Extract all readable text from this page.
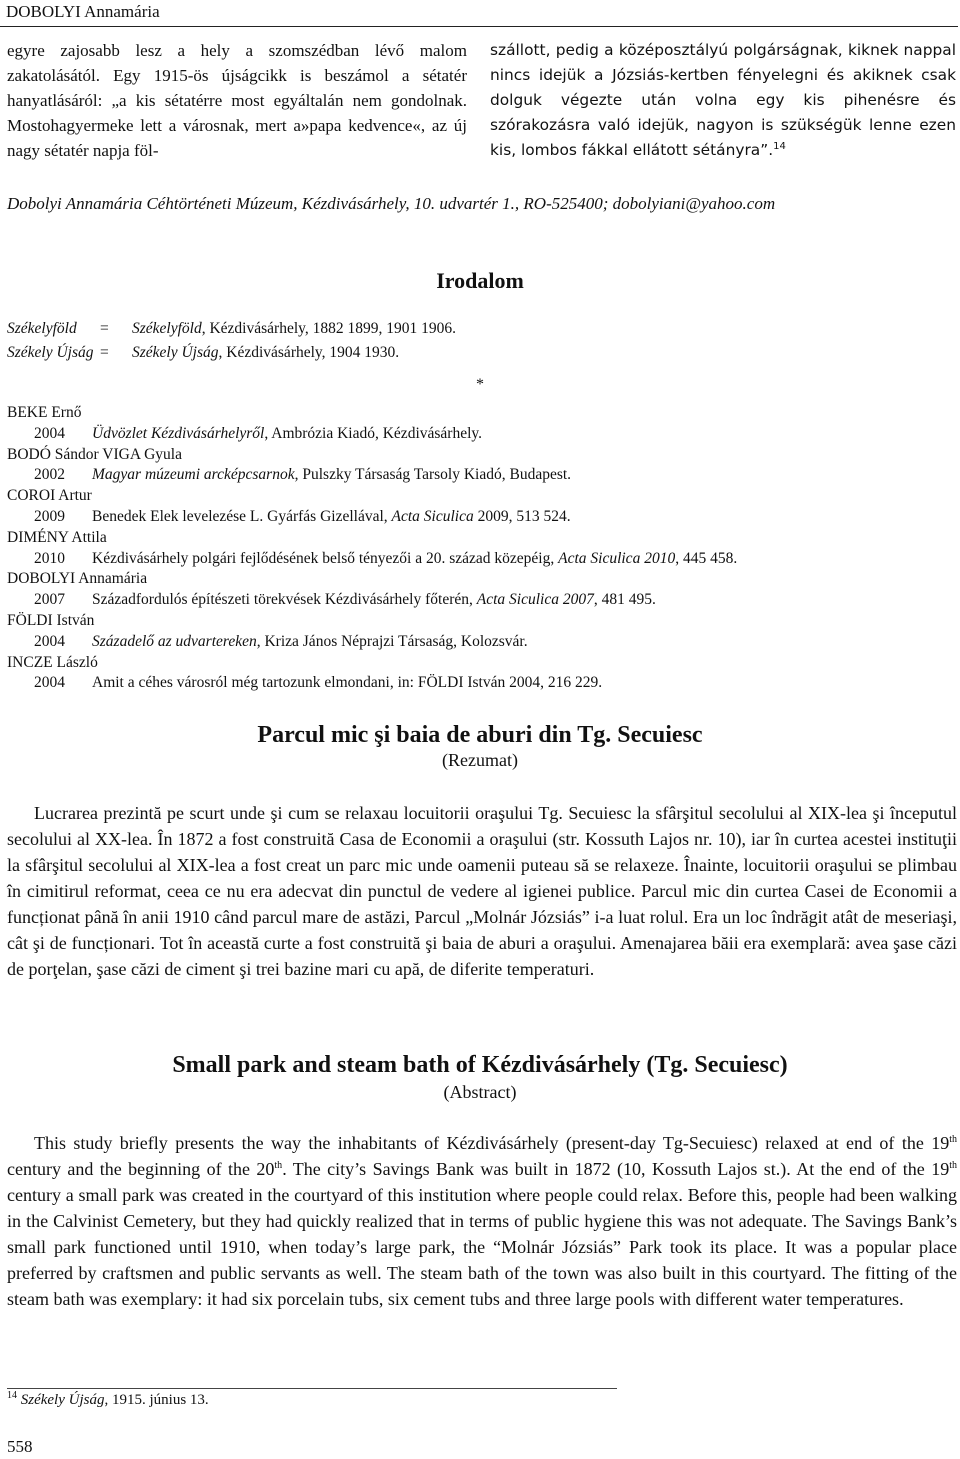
DOBOLYI Annamária

egyre zajosabb lesz a hely a szomszédban lévő malom zakatolásától. Egy 1915-ös újságcikk is beszámol a sétatér hanyatlásáról: „a kis sétatérre most egyáltalán nem gondolnak. Mostohagyermeke lett a városnak, mert a»papa kedvence«, az új nagy sétatér napja föl-

szállott, pedig a középosztályú polgárságnak, kiknek nappal nincs idejük a Józsiás-kertben fényelegni és akiknek csak dolguk végezte után volna egy kis pihenésre és szórakozásra való idejük, nagyon is szükségük lenne ezen kis, lombos fákkal ellátott sétányra”.$^{14}$

Dobolyi Annamária Céhtörténeti Múzeum, Kézdivásárhely, 10. udvartér 1., RO-525400; dobolyiani@yahoo.com
Irodalom
Székelyföld = Székelyföld, Kézdivásárhely, 1882 1899, 1901 1906.
Székely Újság = Székely Újság, Kézdivásárhely, 1904 1930.
*
BEKE Ernő
2004 Üdvözlet Kézdivásárhelyről, Ambrózia Kiadó, Kézdivásárhely.
BODÓ Sándor VIGA Gyula
2002 Magyar múzeumi arcképcsarnok, Pulszky Társaság Tarsoly Kiadó, Budapest.
COROI Artur
2009 Benedek Elek levelezése L. Gyárfás Gizellával, Acta Siculica 2009, 513 524.
DIMÉNY Attila
2010 Kézdivásárhely polgári fejlődésének belső tényezői a 20. század közepéig, Acta Siculica 2010, 445 458.
DOBOLYI Annamária
2007 Századfordulós építészeti törekvések Kézdivásárhely főterén, Acta Siculica 2007, 481 495.
FÖLDI István
2004 Századelő az udvartereken, Kriza János Néprajzi Társaság, Kolozsvár.
INCZE László
2004 Amit a céhes városról még tartozunk elmondani, in: FÖLDI István 2004, 216 229.
Parcul mic şi baia de aburi din Tg. Secuiesc
(Rezumat)

Lucrarea prezintă pe scurt unde şi cum se relaxau locuitorii oraşului Tg. Secuiesc la sfârşitul secolului al XIX-lea şi începutul secolului al XX-lea. În 1872 a fost construită Casa de Economii a oraşului (str. Kossuth Lajos nr. 10), iar în curtea acestei instituţii la sfârşitul secolului al XIX-lea a fost creat un parc mic unde oamenii puteau să se relaxeze. Înainte, locuitorii oraşului se plimbau în cimitirul reformat, ceea ce nu era adecvat din punctul de vedere al igienei publice. Parcul mic din curtea Casei de Economii a funcționat până în anii 1910 când parcul mare de astăzi, Parcul „Molnár Józsiás” i-a luat rolul. Era un loc îndrăgit atât de meseriaşi, cât şi de funcționari. Tot în această curte a fost construită şi baia de aburi a oraşului. Amenajarea băii era exemplară: avea şase căzi de porţelan, şase căzi de ciment şi trei bazine mari cu apă, de diferite temperaturi.

Small park and steam bath of Kézdivásárhely (Tg. Secuiesc)
(Abstract)

This study briefly presents the way the inhabitants of Kézdivásárhely (present-day Tg-Secuiesc) relaxed at end of the 19th century and the beginning of the 20th. The city’s Savings Bank was built in 1872 (10, Kossuth Lajos st.). At the end of the 19th century a small park was created in the courtyard of this institution where people could relax. Before this, people had been walking in the Calvinist Cemetery, but they had quickly realized that in terms of public hygiene this was not adequate. The Savings Bank’s small park functioned until 1910, when today’s large park, the “Molnár Józsiás” Park took its place. It was a popular place preferred by craftsmen and public servants as well. The steam bath of the town was also built in this courtyard. The fitting of the steam bath was exemplary: it had six porcelain tubs, six cement tubs and three large pools with different water temperatures.

$^{14}$ Székely Újság, 1915. június 13.
558
